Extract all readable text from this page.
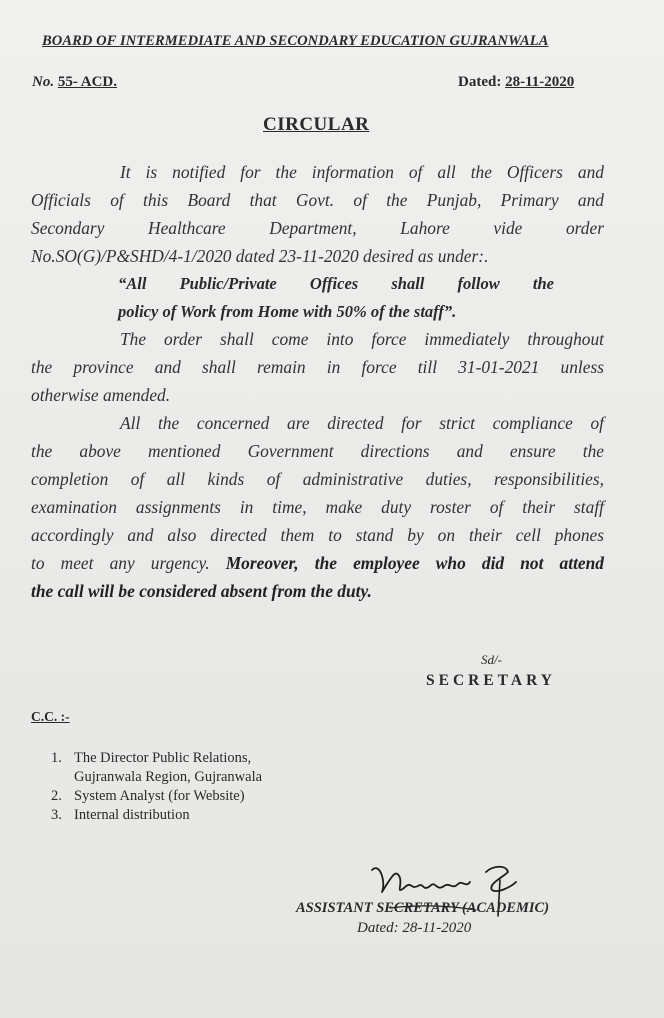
BOARD OF INTERMEDIATE AND SECONDARY EDUCATION GUJRANWALA
No. 55- ACD.	Dated: 28-11-2020
CIRCULAR
It is notified for the information of all the Officers and
Officials of this Board that Govt. of the Punjab, Primary and
Secondary Healthcare Department, Lahore vide order
No.SO(G)/P&SHD/4-1/2020 dated 23-11-2020 desired as under:.
“All Public/Private Offices shall follow the
policy of Work from Home with 50% of the staff”.
The order shall come into force immediately throughout
the province and shall remain in force till 31-01-2021 unless
otherwise amended.
All the concerned are directed for strict compliance of
the above mentioned Government directions and ensure the
completion of all kinds of administrative duties, responsibilities,
examination assignments in time, make duty roster of their staff
accordingly and also directed them to stand by on their cell phones
to meet any urgency. Moreover, the employee who did not attend
the call will be considered absent from the duty.
Sd/-
SECRETARY
C.C. :-
1. The Director Public Relations,
Gujranwala Region, Gujranwala
2. System Analyst (for Website)
3. Internal distribution
ASSISTANT SECRETARY (ACADEMIC)
Dated: 28-11-2020
